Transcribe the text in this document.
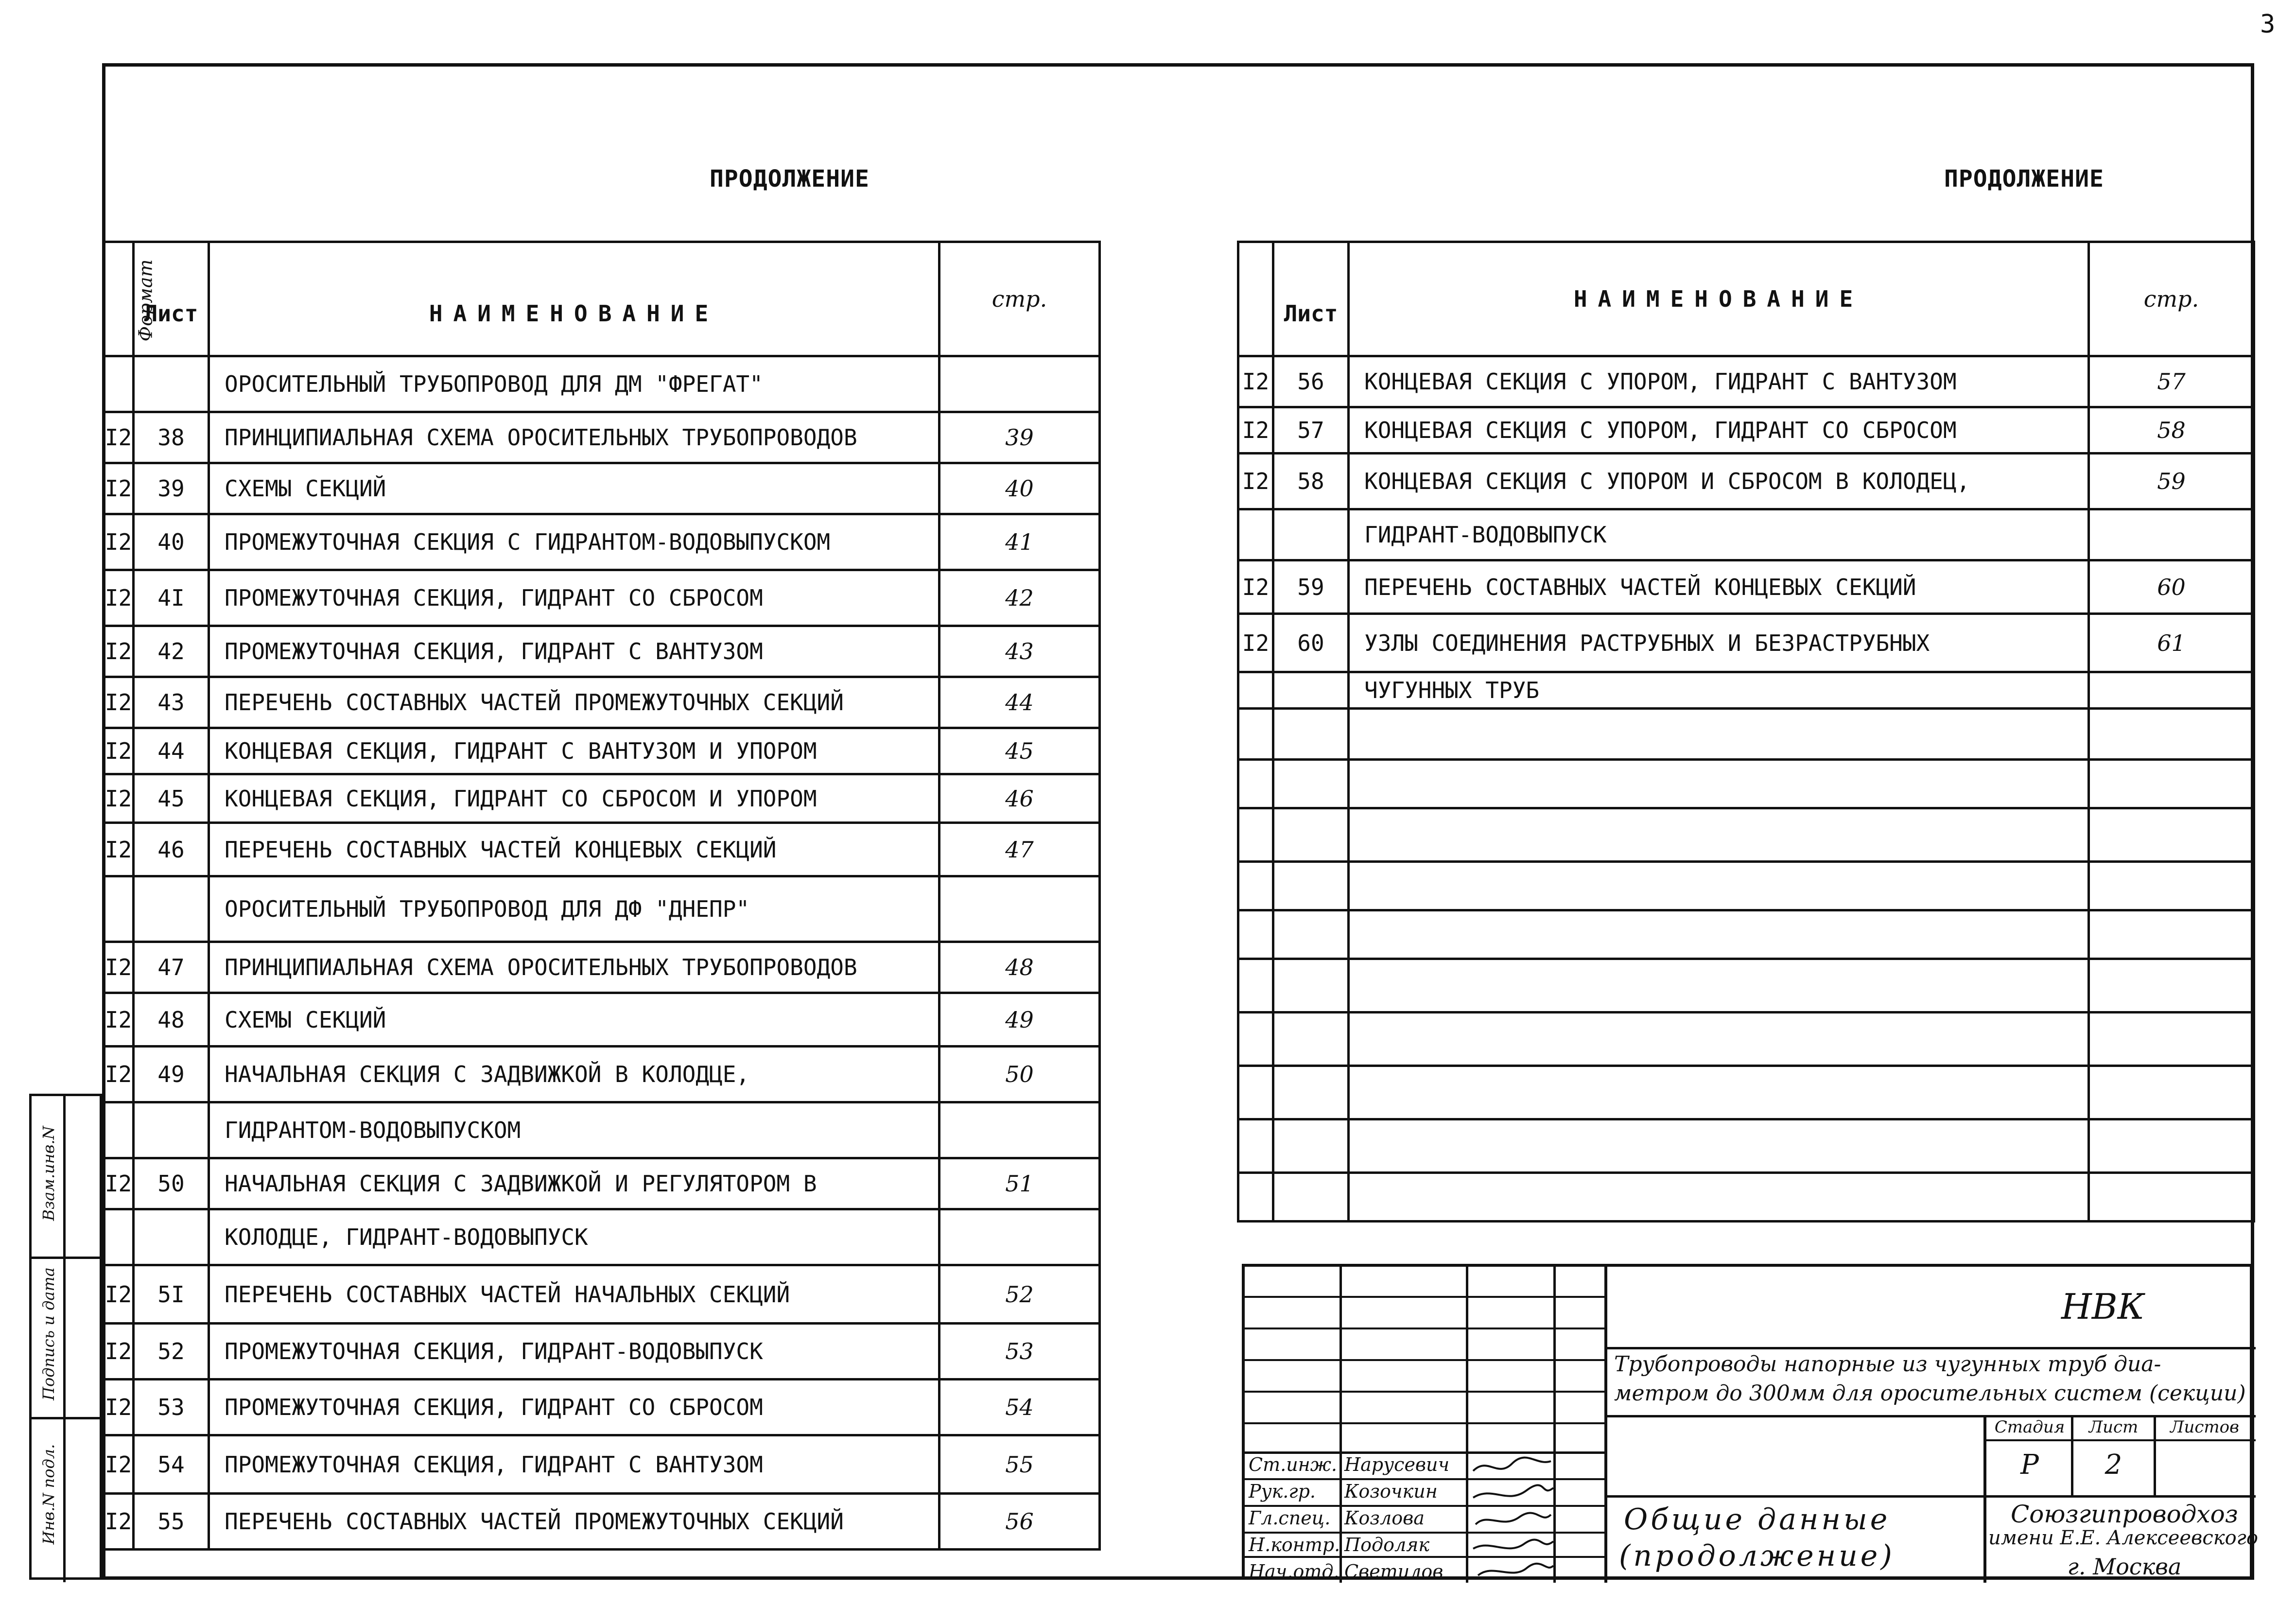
3
Взам.инв.N
Подпись и дата
Инв.N подл.
ПРОДОЛЖЕНИЕ
Формат	Лист	НАИМЕНОВАНИЕ	стр.
		ОРОСИТЕЛЬНЫЙ ТРУБОПРОВОД ДЛЯ ДМ "ФРЕГАТ"	
I2	38	ПРИНЦИПИАЛЬНАЯ СХЕМА ОРОСИТЕЛЬНЫХ ТРУБОПРОВОДОВ	39
I2	39	СХЕМЫ СЕКЦИЙ	40
I2	40	ПРОМЕЖУТОЧНАЯ СЕКЦИЯ С ГИДРАНТОМ-ВОДОВЫПУСКОМ	41
I2	4I	ПРОМЕЖУТОЧНАЯ СЕКЦИЯ, ГИДРАНТ СО СБРОСОМ	42
I2	42	ПРОМЕЖУТОЧНАЯ СЕКЦИЯ, ГИДРАНТ С ВАНТУЗОМ	43
I2	43	ПЕРЕЧЕНЬ СОСТАВНЫХ ЧАСТЕЙ ПРОМЕЖУТОЧНЫХ СЕКЦИЙ	44
I2	44	КОНЦЕВАЯ СЕКЦИЯ, ГИДРАНТ С ВАНТУЗОМ И УПОРОМ	45
I2	45	КОНЦЕВАЯ СЕКЦИЯ, ГИДРАНТ СО СБРОСОМ И УПОРОМ	46
I2	46	ПЕРЕЧЕНЬ СОСТАВНЫХ ЧАСТЕЙ КОНЦЕВЫХ СЕКЦИЙ	47
		ОРОСИТЕЛЬНЫЙ ТРУБОПРОВОД ДЛЯ ДФ "ДНЕПР"	
I2	47	ПРИНЦИПИАЛЬНАЯ СХЕМА ОРОСИТЕЛЬНЫХ ТРУБОПРОВОДОВ	48
I2	48	СХЕМЫ СЕКЦИЙ	49
I2	49	НАЧАЛЬНАЯ СЕКЦИЯ С ЗАДВИЖКОЙ В КОЛОДЦЕ,	50
		ГИДРАНТОМ-ВОДОВЫПУСКОМ	
I2	50	НАЧАЛЬНАЯ СЕКЦИЯ С ЗАДВИЖКОЙ И РЕГУЛЯТОРОМ В	51
		КОЛОДЦЕ, ГИДРАНТ-ВОДОВЫПУСК	
I2	5I	ПЕРЕЧЕНЬ СОСТАВНЫХ ЧАСТЕЙ НАЧАЛЬНЫХ СЕКЦИЙ	52
I2	52	ПРОМЕЖУТОЧНАЯ СЕКЦИЯ, ГИДРАНТ-ВОДОВЫПУСК	53
I2	53	ПРОМЕЖУТОЧНАЯ СЕКЦИЯ, ГИДРАНТ СО СБРОСОМ	54
I2	54	ПРОМЕЖУТОЧНАЯ СЕКЦИЯ, ГИДРАНТ С ВАНТУЗОМ	55
I2	55	ПЕРЕЧЕНЬ СОСТАВНЫХ ЧАСТЕЙ ПРОМЕЖУТОЧНЫХ СЕКЦИЙ	56
ПРОДОЛЖЕНИЕ
	Лист	НАИМЕНОВАНИЕ	стр.
I2	56	КОНЦЕВАЯ СЕКЦИЯ С УПОРОМ, ГИДРАНТ С ВАНТУЗОМ	57
I2	57	КОНЦЕВАЯ СЕКЦИЯ С УПОРОМ, ГИДРАНТ СО СБРОСОМ	58
I2	58	КОНЦЕВАЯ СЕКЦИЯ С УПОРОМ И СБРОСОМ В КОЛОДЕЦ,	59
		ГИДРАНТ-ВОДОВЫПУСК	
I2	59	ПЕРЕЧЕНЬ СОСТАВНЫХ ЧАСТЕЙ КОНЦЕВЫХ СЕКЦИЙ	60
I2	60	УЗЛЫ СОЕДИНЕНИЯ РАСТРУБНЫХ И БЕЗРАСТРУБНЫХ	61
		ЧУГУННЫХ ТРУБ	

НВК
Трубопроводы напорные из чугунных труб диа-
метром до 300мм для оросительных систем (секции)
Стадия	Лист	Листов
Р	2
Общие данные
(продолжение)
Союзгипроводхоз
имени Е.Е. Алексеевского
г. Москва
Ст.инж. Нарусевич
Рук.гр. Козочкин
Гл.спец. Козлова
Н.контр. Подоляк
Нач.отд. Светилов
